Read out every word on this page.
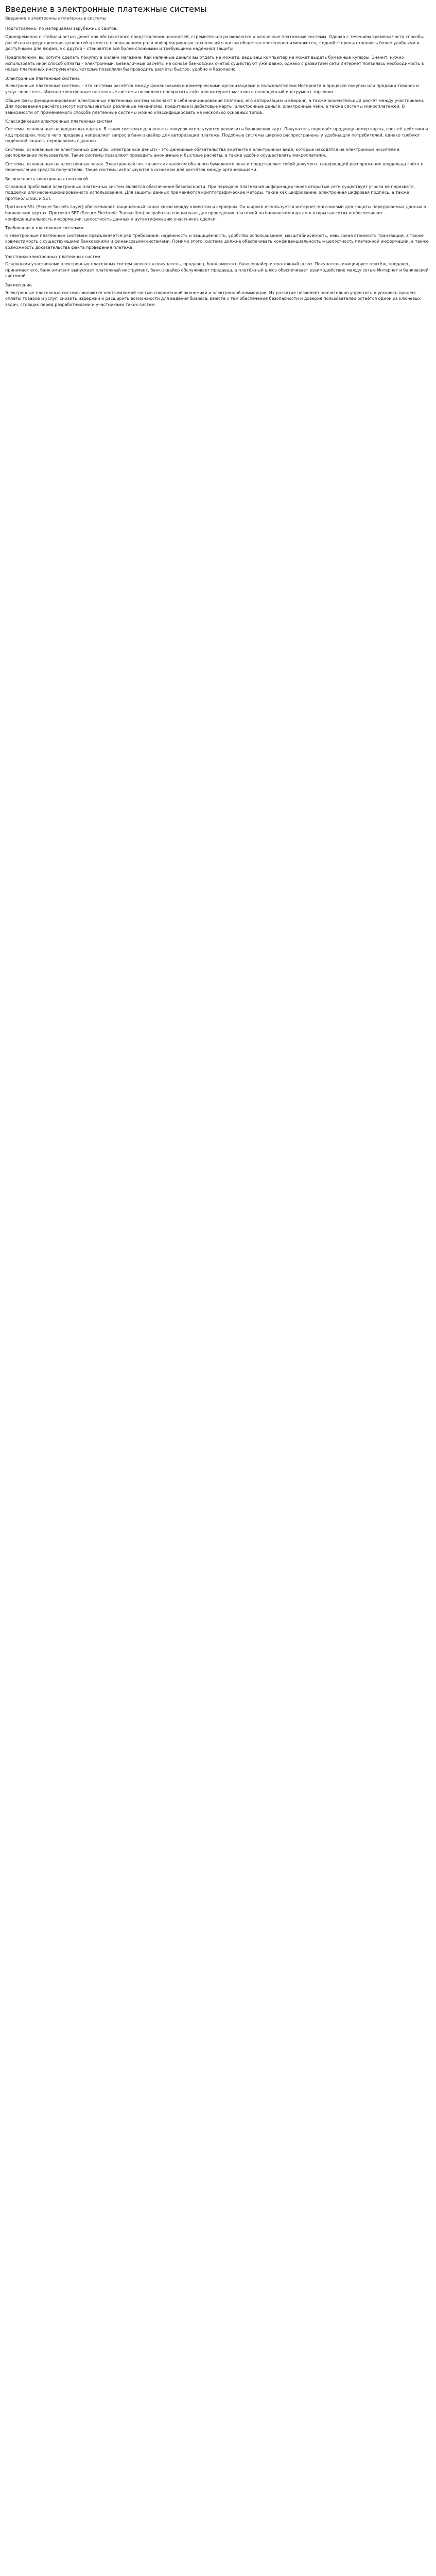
Введение в электронные платежные системы
Введение в электронные платежные системы

Подготовлено: по материалам зарубежных сайтов.

Одновременно с стабильностью денег как абстрактного представления ценностей, стремительно развиваются и различные платежные системы. Однако с течением времени часто способы расчётов и представления ценностей и вместе с повышением роли информационных технологий в жизни общества постепенно изменяются, с одной стороны становясь более удобными и доступными для людей, а с другой – становятся всё более сложными и требующими надёжной защиты.

Предположим, вы хотите сделать покупку в онлайн магазине. Как наличные деньги вы отдать не можете, ведь ваш компьютер не может выдать бумажные купюры. Значит, нужно использовать иной способ оплаты – электронный. Безналичные расчеты на основе банковских счетов существуют уже давно, однако с развитием сети Интернет появилась необходимость в новых платежных инструментах, которые позволяли бы проводить расчёты быстро, удобно и безопасно.

Электронные платежные системы

Электронные платежные системы – это системы расчётов между финансовыми и коммерческими организациями и пользователями Интернета в процессе покупки или продажи товаров и услуг через сеть. Именно электронные платежные системы позволяют превратить сайт или интернет-магазин в полноценный инструмент торговли.

Общие фазы функционирования электронных платежных систем включают в себя инициирование платежа, его авторизацию и клиринг, а также окончательный расчёт между участниками. Для проведения расчётов могут использоваться различные механизмы: кредитные и дебетовые карты, электронные деньги, электронные чеки, а также системы микроплатежей. В зависимости от применяемого способа платежные системы можно классифицировать на несколько основных типов.

Классификация электронных платежных систем

Системы, основанные на кредитных картах. В таких системах для оплаты покупок используются реквизиты банковских карт. Покупатель передаёт продавцу номер карты, срок её действия и код проверки, после чего продавец направляет запрос в банк-эквайер для авторизации платежа. Подобные системы широко распространены и удобны для потребителей, однако требуют надёжной защиты передаваемых данных.

Системы, основанные на электронных деньгах. Электронные деньги – это денежные обязательства эмитента в электронном виде, которые находятся на электронном носителе в распоряжении пользователя. Такие системы позволяют проводить анонимные и быстрые расчёты, а также удобно осуществлять микроплатежи.

Системы, основанные на электронных чеках. Электронный чек является аналогом обычного бумажного чека и представляет собой документ, содержащий распоряжение владельца счёта о перечислении средств получателю. Такие системы используются в основном для расчётов между организациями.

Безопасность электронных платежей

Основной проблемой электронных платежных систем является обеспечение безопасности. При передаче платежной информации через открытые сети существует угроза её перехвата, подделки или несанкционированного использования. Для защиты данных применяются криптографические методы, такие как шифрование, электронная цифровая подпись, а также протоколы SSL и SET.

Протокол SSL (Secure Sockets Layer) обеспечивает защищённый канал связи между клиентом и сервером. Он широко используется интернет-магазинами для защиты передаваемых данных о банковских картах. Протокол SET (Secure Electronic Transaction) разработан специально для проведения платежей по банковским картам в открытых сетях и обеспечивает конфиденциальность информации, целостность данных и аутентификацию участников сделки.

Требования к платежным системам

К электронным платежным системам предъявляется ряд требований: надёжность и защищённость, удобство использования, масштабируемость, невысокая стоимость транзакций, а также совместимость с существующими банковскими и финансовыми системами. Помимо этого, система должна обеспечивать конфиденциальность и целостность платежной информации, а также возможность доказательства факта проведения платежа.

Участники электронных платежных систем

Основными участниками электронных платежных систем являются покупатель, продавец, банк-эмитент, банк-эквайер и платёжный шлюз. Покупатель инициирует платёж, продавец принимает его, банк-эмитент выпускает платёжный инструмент, банк-эквайер обслуживает продавца, а платёжный шлюз обеспечивает взаимодействие между сетью Интернет и банковской системой.

Заключение

Электронные платежные системы являются неотъемлемой частью современной экономики и электронной коммерции. Их развитие позволяет значительно упростить и ускорить процесс оплаты товаров и услуг, снизить издержки и расширить возможности для ведения бизнеса. Вместе с тем обеспечение безопасности и доверия пользователей остаётся одной из ключевых задач, стоящих перед разработчиками и участниками таких систем.
